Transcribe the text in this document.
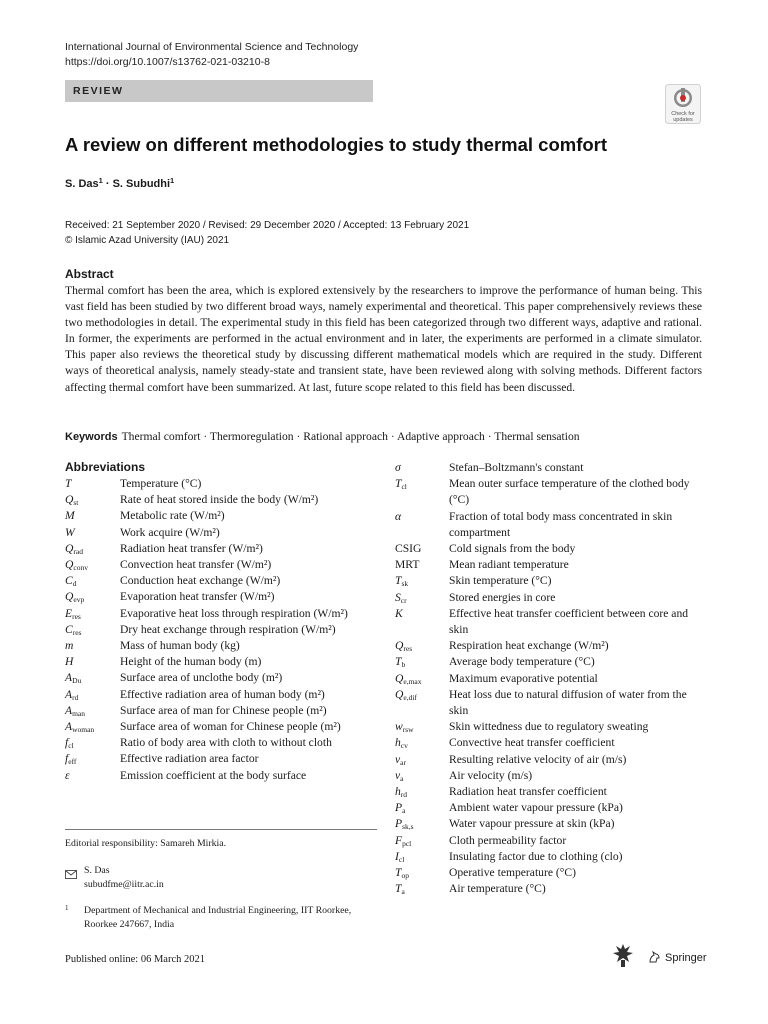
International Journal of Environmental Science and Technology
https://doi.org/10.1007/s13762-021-03210-8
REVIEW
Check for
updates
A review on different methodologies to study thermal comfort
S. Das$^1$ · S. Subudhi$^1$
Received: 21 September 2020 / Revised: 29 December 2020 / Accepted: 13 February 2021
© Islamic Azad University (IAU) 2021
Abstract
Thermal comfort has been the area, which is explored extensively by the researchers to improve the performance of human being. This vast field has been studied by two different broad ways, namely experimental and theoretical. This paper comprehensively reviews these two methodologies in detail. The experimental study in this field has been categorized through two different ways, adaptive and rational. In former, the experiments are performed in the actual environment and in later, the experiments are performed in a climate simulator. This paper also reviews the theoretical study by discussing different mathematical models which are required in the study. Different ways of theoretical analysis, namely steady-state and transient state, have been reviewed along with solving methods. Different factors affecting thermal comfort have been summarized. At last, future scope related to this field has been discussed.
Keywords Thermal comfort · Thermoregulation · Rational approach · Adaptive approach · Thermal sensation
Abbreviations
T	Temperature (°C)
$Q_{st}$	Rate of heat stored inside the body (W/m²)
M	Metabolic rate (W/m²)
W	Work acquire (W/m²)
$Q_{rad}$	Radiation heat transfer (W/m²)
$Q_{conv}$	Convection heat transfer (W/m²)
$C_d$	Conduction heat exchange (W/m²)
$Q_{evp}$	Evaporation heat transfer (W/m²)
$E_{res}$	Evaporative heat loss through respiration (W/m²)
$C_{res}$	Dry heat exchange through respiration (W/m²)
m	Mass of human body (kg)
H	Height of the human body (m)
$A_{Du}$	Surface area of unclothe body (m²)
$A_{rd}$	Effective radiation area of human body (m²)
$A_{man}$	Surface area of man for Chinese people (m²)
$A_{woman}$	Surface area of woman for Chinese people (m²)
$f_{cl}$	Ratio of body area with cloth to without cloth
$f_{eff}$	Effective radiation area factor
ε	Emission coefficient at the body surface
σ	Stefan–Boltzmann's constant
$T_{cl}$	Mean outer surface temperature of the clothed body (°C)
α	Fraction of total body mass concentrated in skin compartment
CSIG	Cold signals from the body
MRT	Mean radiant temperature
$T_{sk}$	Skin temperature (°C)
$S_{cr}$	Stored energies in core
K	Effective heat transfer coefficient between core and skin
$Q_{res}$	Respiration heat exchange (W/m²)
$T_b$	Average body temperature (°C)
$Q_{e,max}$	Maximum evaporative potential
$Q_{e,dif}$	Heat loss due to natural diffusion of water from the skin
$w_{rsw}$	Skin wittedness due to regulatory sweating
$h_{cv}$	Convective heat transfer coefficient
$v_{ar}$	Resulting relative velocity of air (m/s)
$v_a$	Air velocity (m/s)
$h_{rd}$	Radiation heat transfer coefficient
$P_a$	Ambient water vapour pressure (kPa)
$P_{sk,s}$	Water vapour pressure at skin (kPa)
$F_{pcl}$	Cloth permeability factor
$I_{cl}$	Insulating factor due to clothing (clo)
$T_{op}$	Operative temperature (°C)
$T_a$	Air temperature (°C)
Editorial responsibility: Samareh Mirkia.
S. Das
subudfme@iitr.ac.in
1 Department of Mechanical and Industrial Engineering, IIT Roorkee, Roorkee 247667, India
Published online: 06 March 2021	Springer
